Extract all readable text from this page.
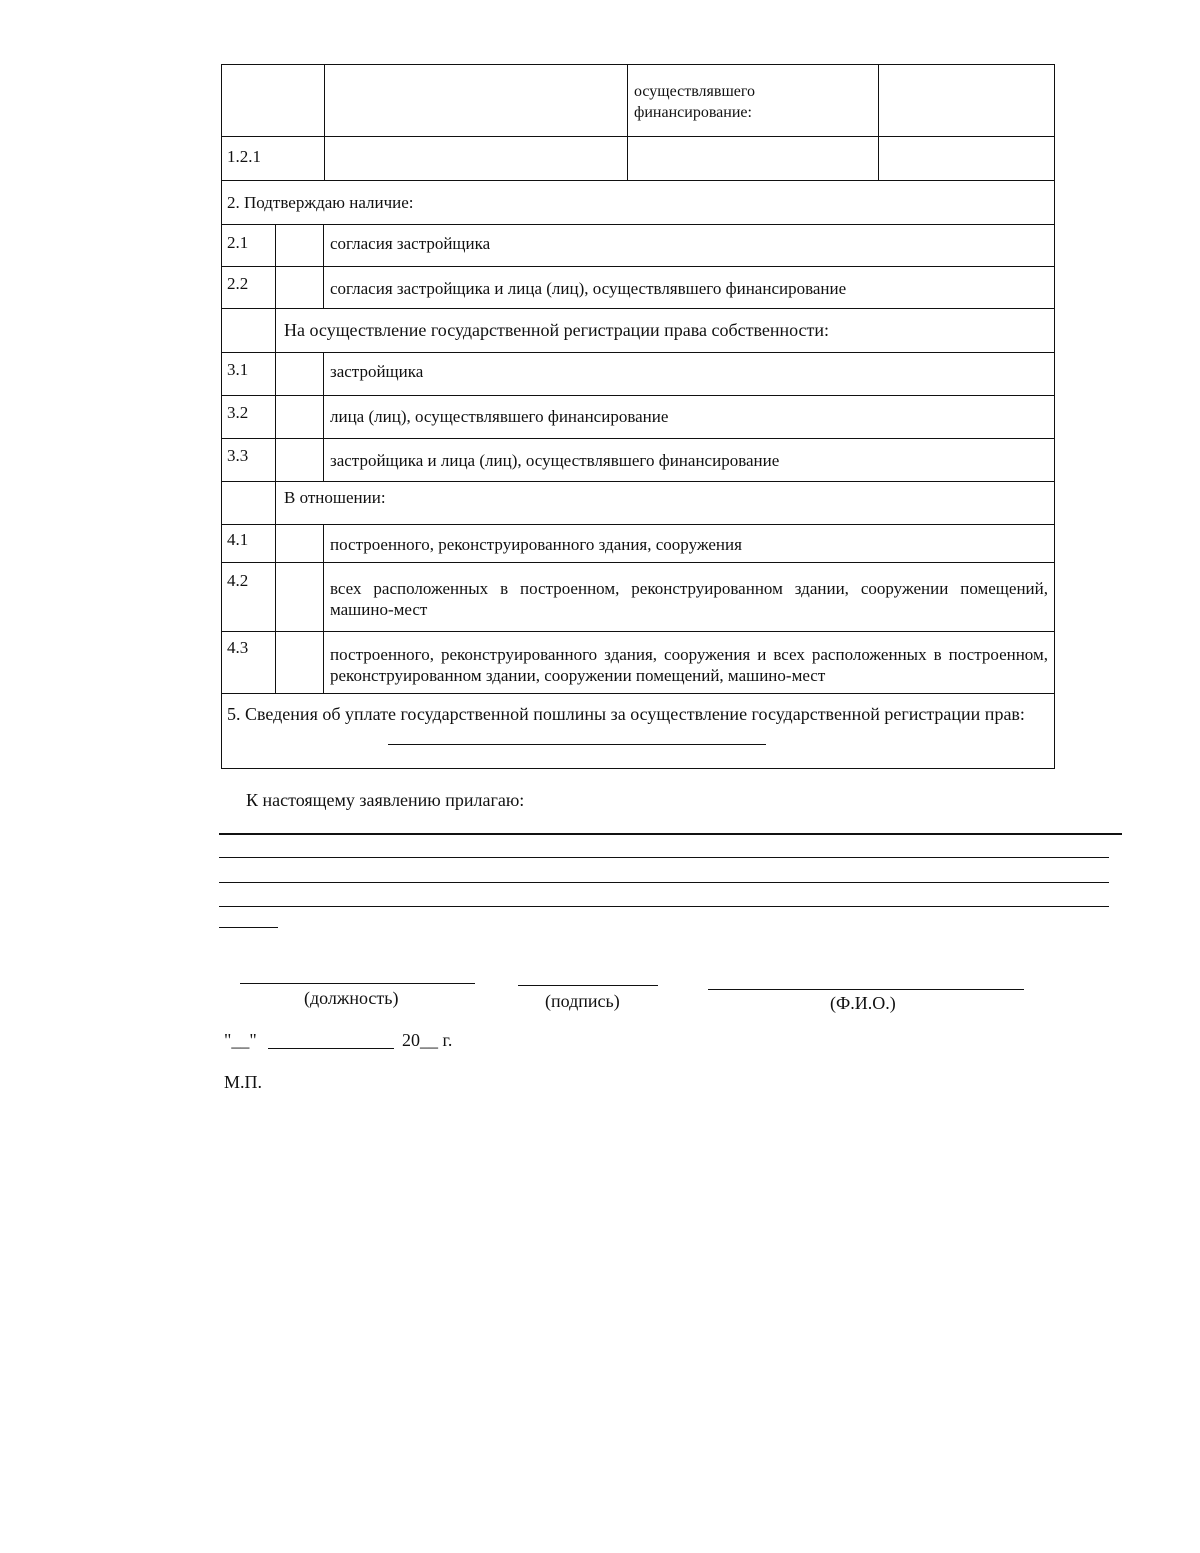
осуществлявшего финансирование:
1.2.1
2. Подтверждаю наличие:
2.1	согласия застройщика
2.2	согласия застройщика и лица (лиц), осуществлявшего финансирование
На осуществление государственной регистрации права собственности:
3.1	застройщика
3.2	лица (лиц), осуществлявшего финансирование
3.3	застройщика и лица (лиц), осуществлявшего финансирование
В отношении:
4.1	построенного, реконструированного здания, сооружения
4.2	всех расположенных в построенном, реконструированном здании, сооружении помещений, машино-мест
4.3	построенного, реконструированного здания, сооружения и всех расположенных в построенном, реконструированном здании, сооружении помещений, машино-мест
5. Сведения об уплате государственной пошлины за осуществление государственной регистрации прав:
К настоящему заявлению прилагаю:
(должность)	(подпись)	(Ф.И.О.)
"__"	20__ г.
М.П.
